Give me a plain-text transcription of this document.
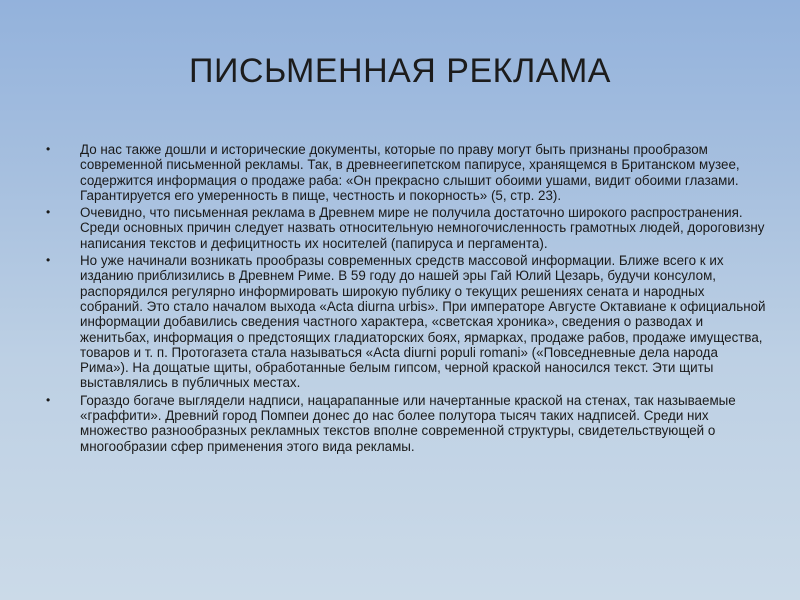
ПИСЬМЕННАЯ РЕКЛАМА
• До нас также дошли и исторические документы, которые по праву могут быть признаны прообразом современной письменной рекламы. Так, в древнеегипетском папирусе, хранящемся в Британском музее, содержится информация о продаже раба: «Он прекрасно слышит обоими ушами, видит обоими глазами. Гарантируется его умеренность в пище, честность и покорность» (5, стр. 23).
• Очевидно, что письменная реклама в Древнем мире не получила достаточно широкого распространения. Среди основных причин следует назвать относительную немногочисленность грамотных людей, дороговизну написания текстов и дефицитность их носителей (папируса и пергамента).
• Но уже начинали возникать прообразы современных средств массовой информации. Ближе всего к их изданию приблизились в Древнем Риме. В 59 году до нашей эры Гай Юлий Цезарь, будучи консулом, распорядился регулярно информировать широкую публику о текущих решениях сената и народных собраний. Это стало началом выхода «Acta diurna urbis». При императоре Августе Октавиане к официальной информации добавились сведения частного характера, «светская хроника», сведения о разводах и женитьбах, информация о предстоящих гладиаторских боях, ярмарках, продаже рабов, продаже имущества, товаров и т. п. Протогазета стала называться «Acta diurni populi romani» («Повседневные дела народа Рима»). На дощатые щиты, обработанные белым гипсом, черной краской наносился текст. Эти щиты выставлялись в публичных местах.
• Гораздо богаче выглядели надписи, нацарапанные или начертанные краской на стенах, так называемые «граффити». Древний город Помпеи донес до нас более полутора тысяч таких надписей. Среди них множество разнообразных рекламных текстов вполне современной структуры, свидетельствующей о многообразии сфер применения этого вида рекламы.
